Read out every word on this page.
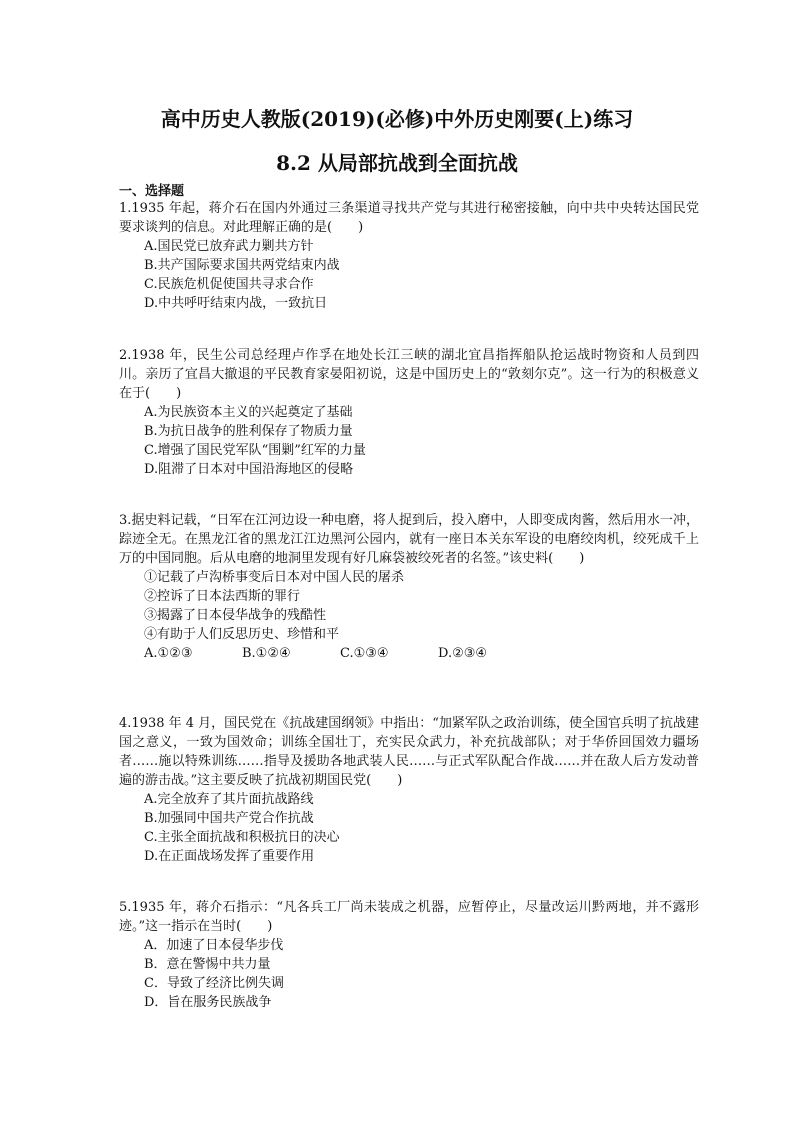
高中历史人教版(2019)(必修)中外历史刚要(上)练习
8.2 从局部抗战到全面抗战
一、选择题

1.1935 年起，蒋介石在国内外通过三条渠道寻找共产党与其进行秘密接触，向中共中央转达国民党要求谈判的信息。对此理解正确的是(　　)

A.国民党已放弃武力剿共方针

B.共产国际要求国共两党结束内战

C.民族危机促使国共寻求合作

D.中共呼吁结束内战，一致抗日

2.1938 年，民生公司总经理卢作孚在地处长江三峡的湖北宜昌指挥船队抢运战时物资和人员到四川。亲历了宜昌大撤退的平民教育家晏阳初说，这是中国历史上的“敦刻尔克”。这一行为的积极意义在于(　　)

A.为民族资本主义的兴起奠定了基础

B.为抗日战争的胜利保存了物质力量

C.增强了国民党军队“围剿”红军的力量

D.阻滞了日本对中国沿海地区的侵略

3.据史料记载，“日军在江河边设一种电磨，将人捉到后，投入磨中，人即变成肉酱，然后用水一冲，踪迹全无。在黑龙江省的黑龙江江边黑河公园内，就有一座日本关东军设的电磨绞肉机，绞死成千上万的中国同胞。后从电磨的地洞里发现有好几麻袋被绞死者的名签。”该史料(　　)

①记载了卢沟桥事变后日本对中国人民的屠杀

②控诉了日本法西斯的罪行

③揭露了日本侵华战争的残酷性

④有助于人们反思历史、珍惜和平

A.①②③	B.①②④	C.①③④	D.②③④

4.1938 年 4 月，国民党在《抗战建国纲领》中指出：“加紧军队之政治训练，使全国官兵明了抗战建国之意义，一致为国效命；训练全国壮丁，充实民众武力，补充抗战部队；对于华侨回国效力疆场者……施以特殊训练……指导及援助各地武装人民……与正式军队配合作战……并在敌人后方发动普遍的游击战。”这主要反映了抗战初期国民党(　　)

A.完全放弃了其片面抗战路线

B.加强同中国共产党合作抗战

C.主张全面抗战和积极抗日的决心

D.在正面战场发挥了重要作用

5.1935 年，蒋介石指示：“凡各兵工厂尚未装成之机器，应暂停止，尽量改运川黔两地，并不露形迹。”这一指示在当时(　　)

A．加速了日本侵华步伐

B．意在警惕中共力量

C．导致了经济比例失调

D．旨在服务民族战争
